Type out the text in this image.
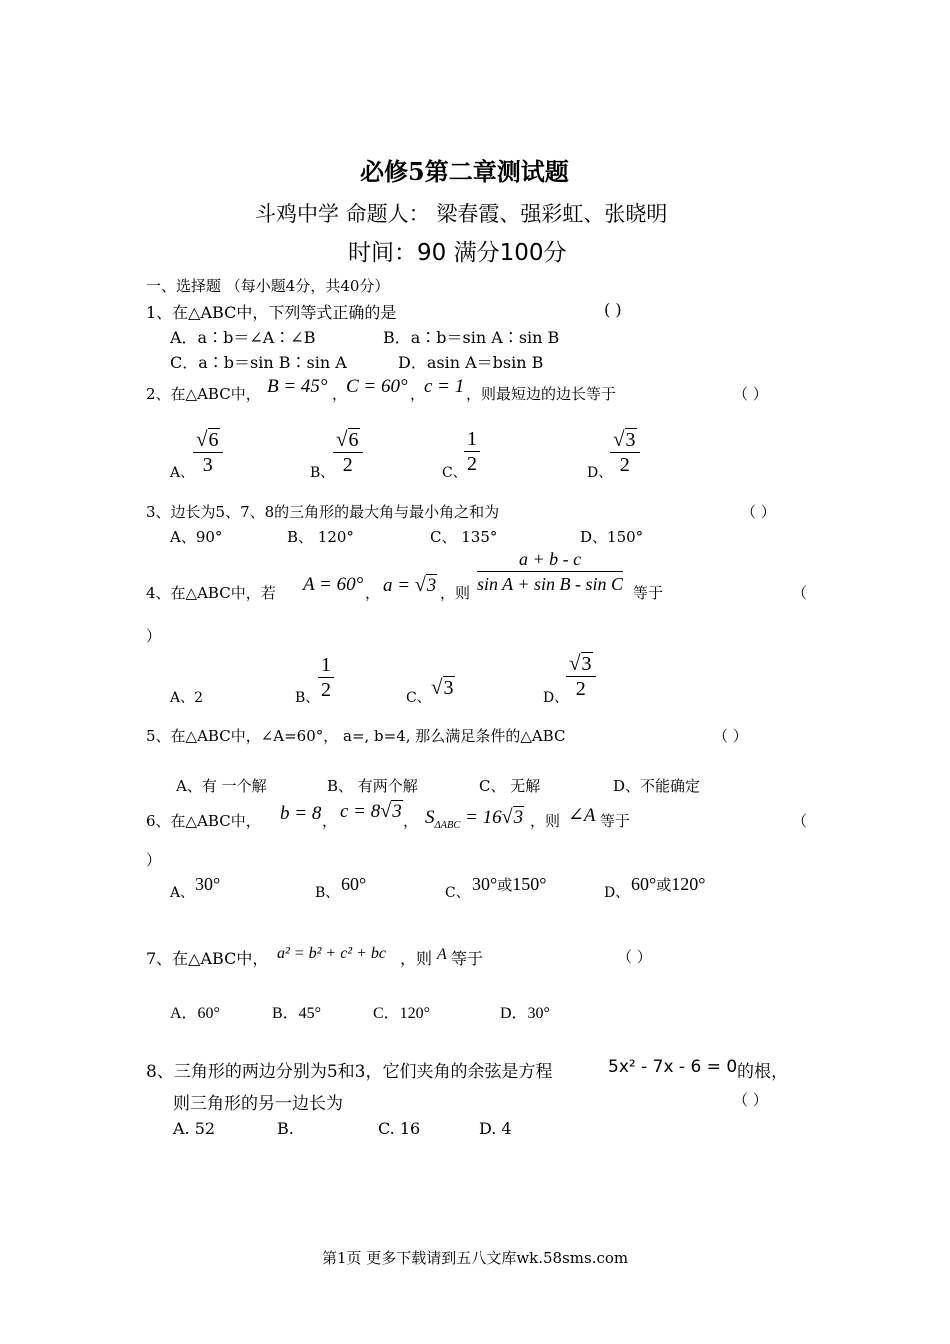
必修5第二章测试题
斗鸡中学 命题人： 梁春霞、强彩虹、张晓明
时间：90 满分100分
一、选择题 （每小题4分，共40分）
1、在△ABC中，下列等式正确的是	( )
A．a∶b＝∠A∶∠B	B．a∶b＝sin A∶sin B
C．a∶b＝sin B∶sin A	D．asin A＝bsin B
2、在△ABC中， B = 45° ，
C = 60° ，
c = 1 ，则最短边的边长等于	（ ）
A、
$\frac{√6}{3}$	B、
$\frac{√6}{2}$	C、
$\frac{1}{2}$	D、
$\frac{√3}{2}$
3、边长为5、7、8的三角形的最大角与最小角之和为	（ ）
A、90°	B、 120°	C、 135°	D、150°
4、在△ABC中，若 A = 60° ， a = √3 ，则 $\frac{a + b - c}{\text{sin A + sin B - sin C}}$ 等于	（
）
A、2	B、
$\frac{1}{2}$	C、 √3	D、
$\frac{√3}{2}$
5、在△ABC中，∠A=60°， a=, b=4, 那么满足条件的△ABC	（ ）
A、有 一个解	B、 有两个解	C、 无解	D、不能确定
6、在△ABC中， b = 8 ， c = 8√3 ， $S_{\Delta ABC} = 16√3$ ，则 ∠A 等于	（
）
A、 30°	B、 60°	C、 30°或150°	D、 60°或120°
7、在△ABC中， a² = b² + c² + bc ，则 A 等于	（ ）
A．60°	B．45°	C．120°	D．30°
8、三角形的两边分别为5和3，它们夹角的余弦是方程	5x² - 7x - 6 = 0 的根，
则三角形的另一边长为	（ ）
A. 52	B.	C. 16	D. 4
第1页 更多下载请到五八文库wk.58sms.com
